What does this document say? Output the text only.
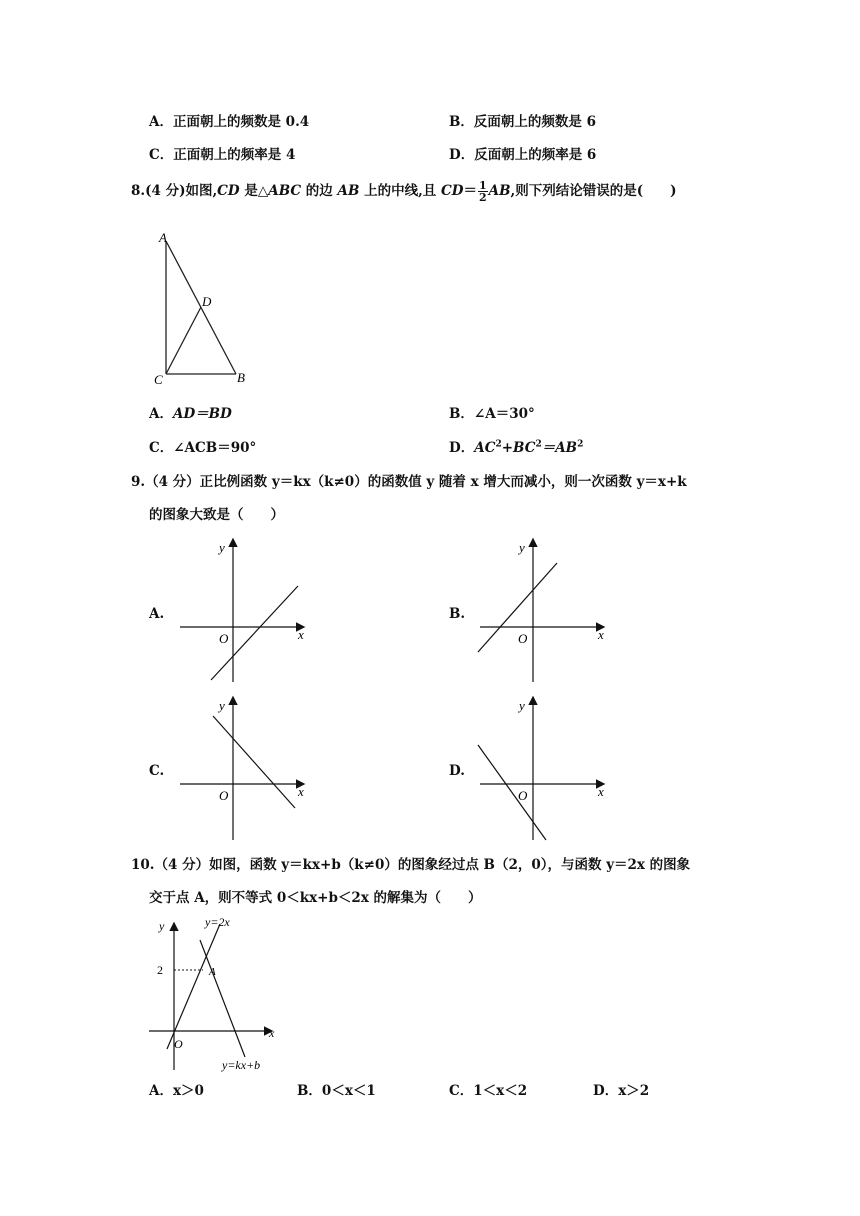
A．正面朝上的频数是 0.4	B．反面朝上的频数是 6
C．正面朝上的频率是 4	D．反面朝上的频率是 6
8.(4 分)如图,CD 是△ABC 的边 AB 上的中线,且 $CD= \frac{1}{2}$ AB,则下列结论错误的是(　　)
A
D
C	B
A．AD＝BD	B．∠A＝30°
C．∠ACB＝90°	D．$AC^2+BC^2=AB^2$
9.（4 分）正比例函数 y＝kx（k≠0）的函数值 y 随着 x 增大而减小，则一次函数 y＝x+k
的图象大致是（　　）
A.
O	x
y
B.
O	x
y
C.
O	x
y
D.
O	x
y
10.（4 分）如图，函数 y＝kx+b（k≠0）的图象经过点 B（2，0），与函数 y＝2x 的图象
交于点 A，则不等式 0＜kx+b＜2x 的解集为（　　）
y
x
O
2	A
y=2x
y=kx+b
A．x＞0	B．0＜x＜1	C．1＜x＜2	D．x＞2
